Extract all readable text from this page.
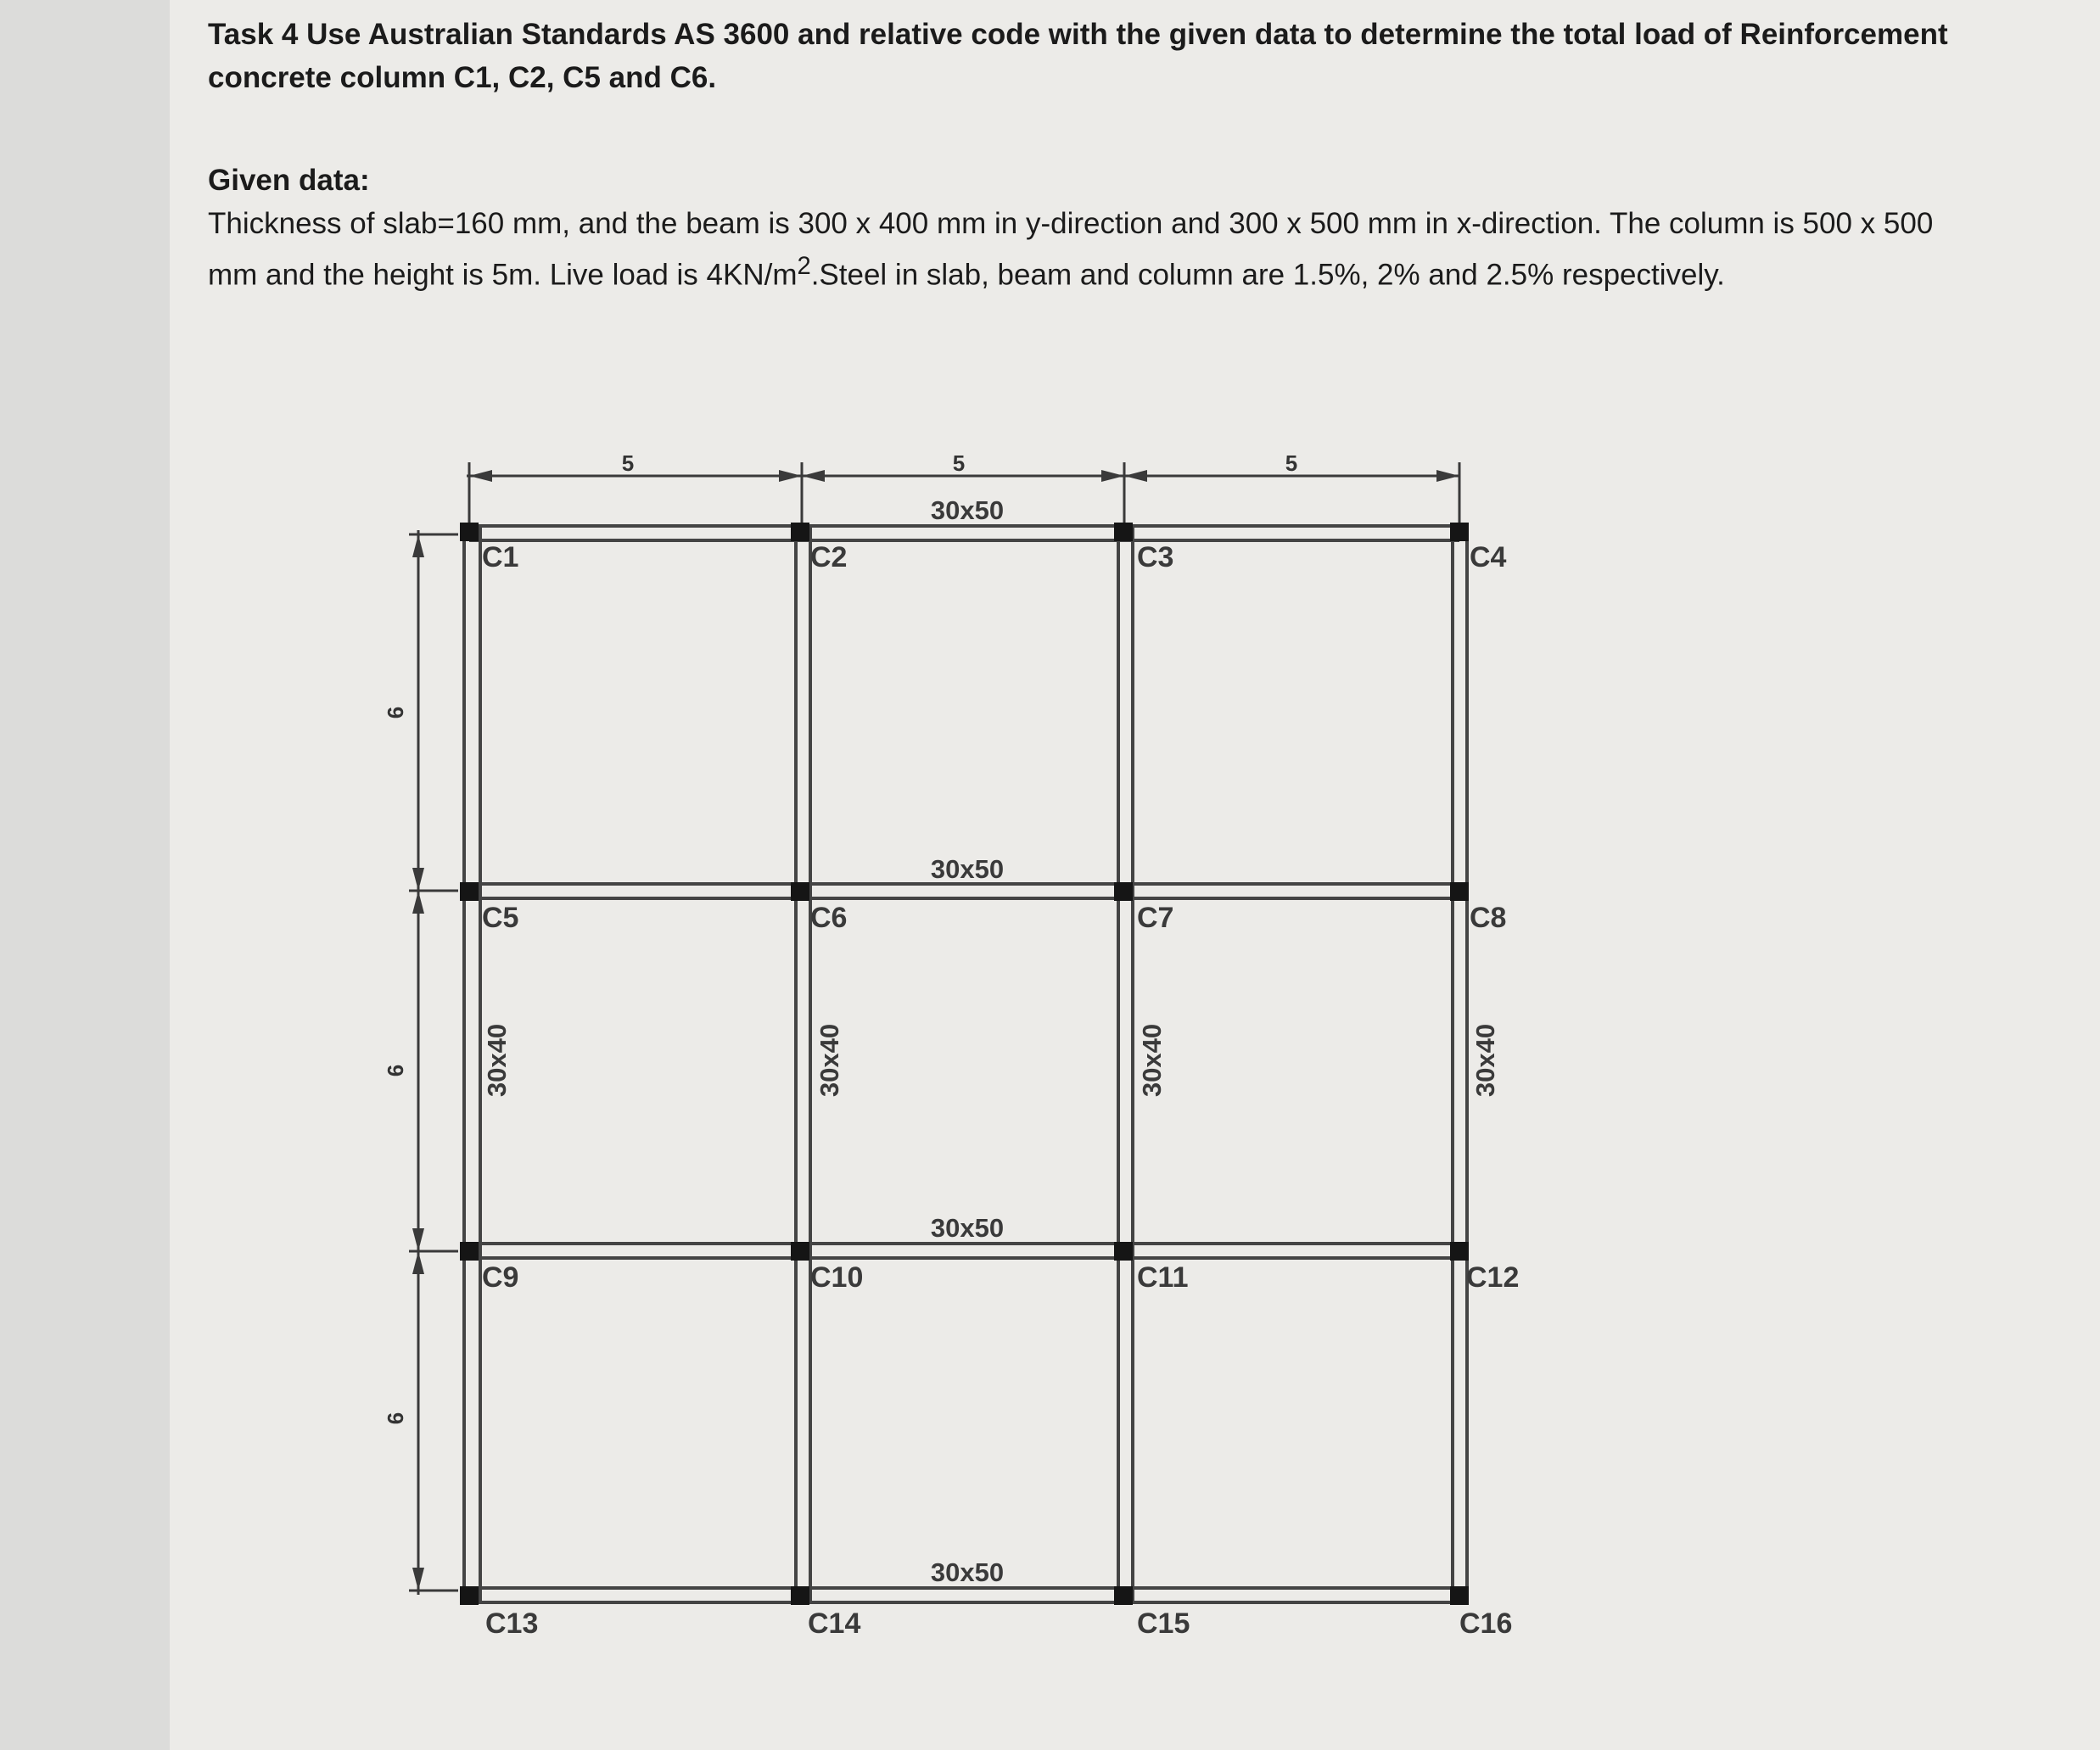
Task 4 Use Australian Standards AS 3600 and relative code with the given data to determine the total load of Reinforcement concrete column C1, C2, C5 and C6.

Given data:

Thickness of slab=160 mm, and the beam is 300 x 400 mm in y-direction and 300 x 500 mm in x-direction. The column is 500 x 500 mm and the height is 5m. Live load is $4KN/m^2.Steel$ in slab, beam and column are 1.5%, 2% and 2.5% respectively.

5	5	5
6
6
6
C1	C2	C3	C4
C5	C6	C7	C8
C9	C10	C11	C12
C13	C14	C15	C16
30x50
30x50
30x50
30x50
30x40	30x40	30x40	30x40
